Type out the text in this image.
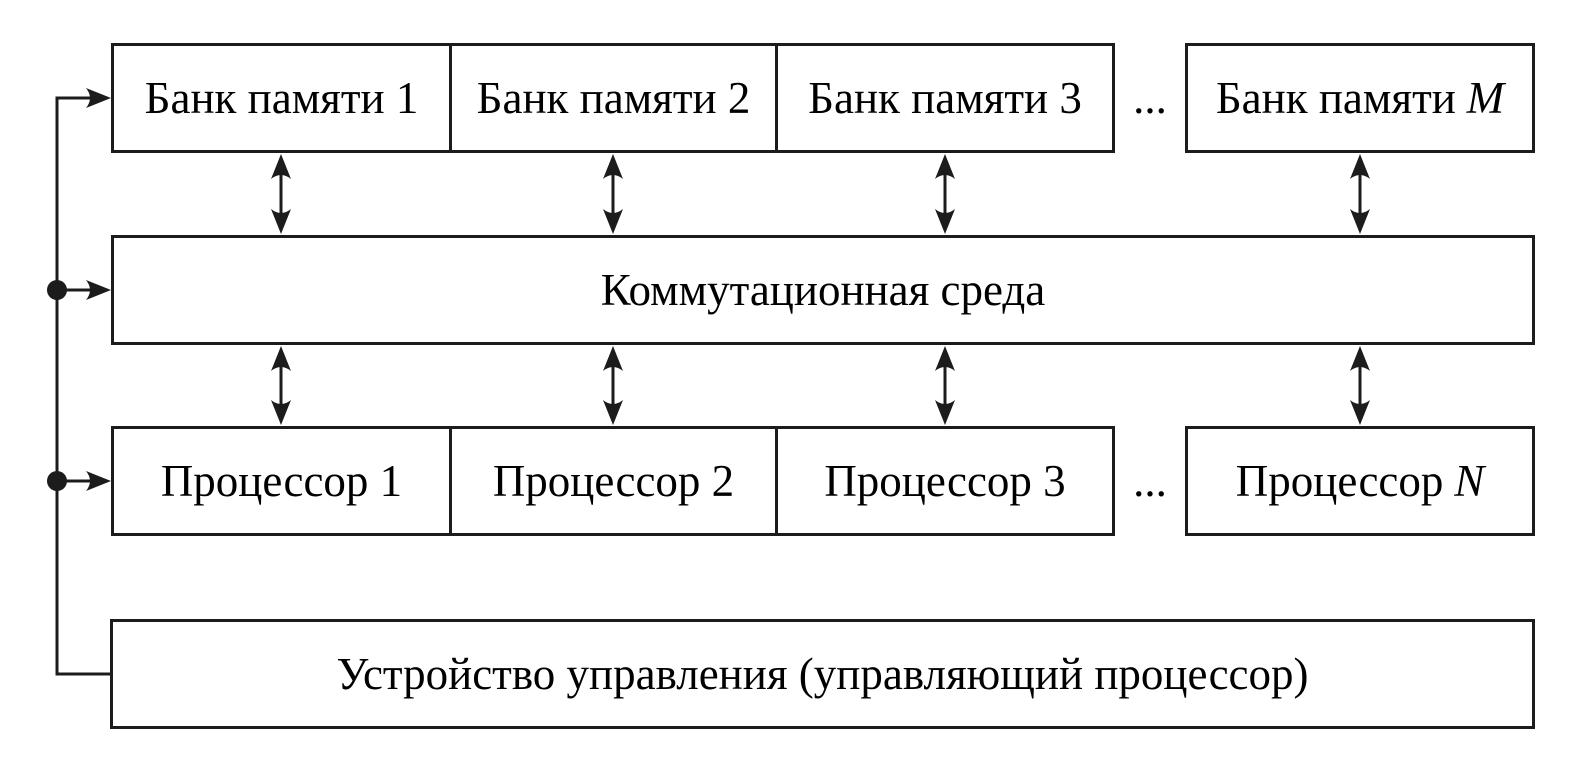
Банк памяти 1 Банк памяти 2 Банк памяти 3 ... Банк памяти M
Коммутационная среда
Процессор 1 Процессор 2 Процессор 3 ... Процессор N
Устройство управления (управляющий процессор)
